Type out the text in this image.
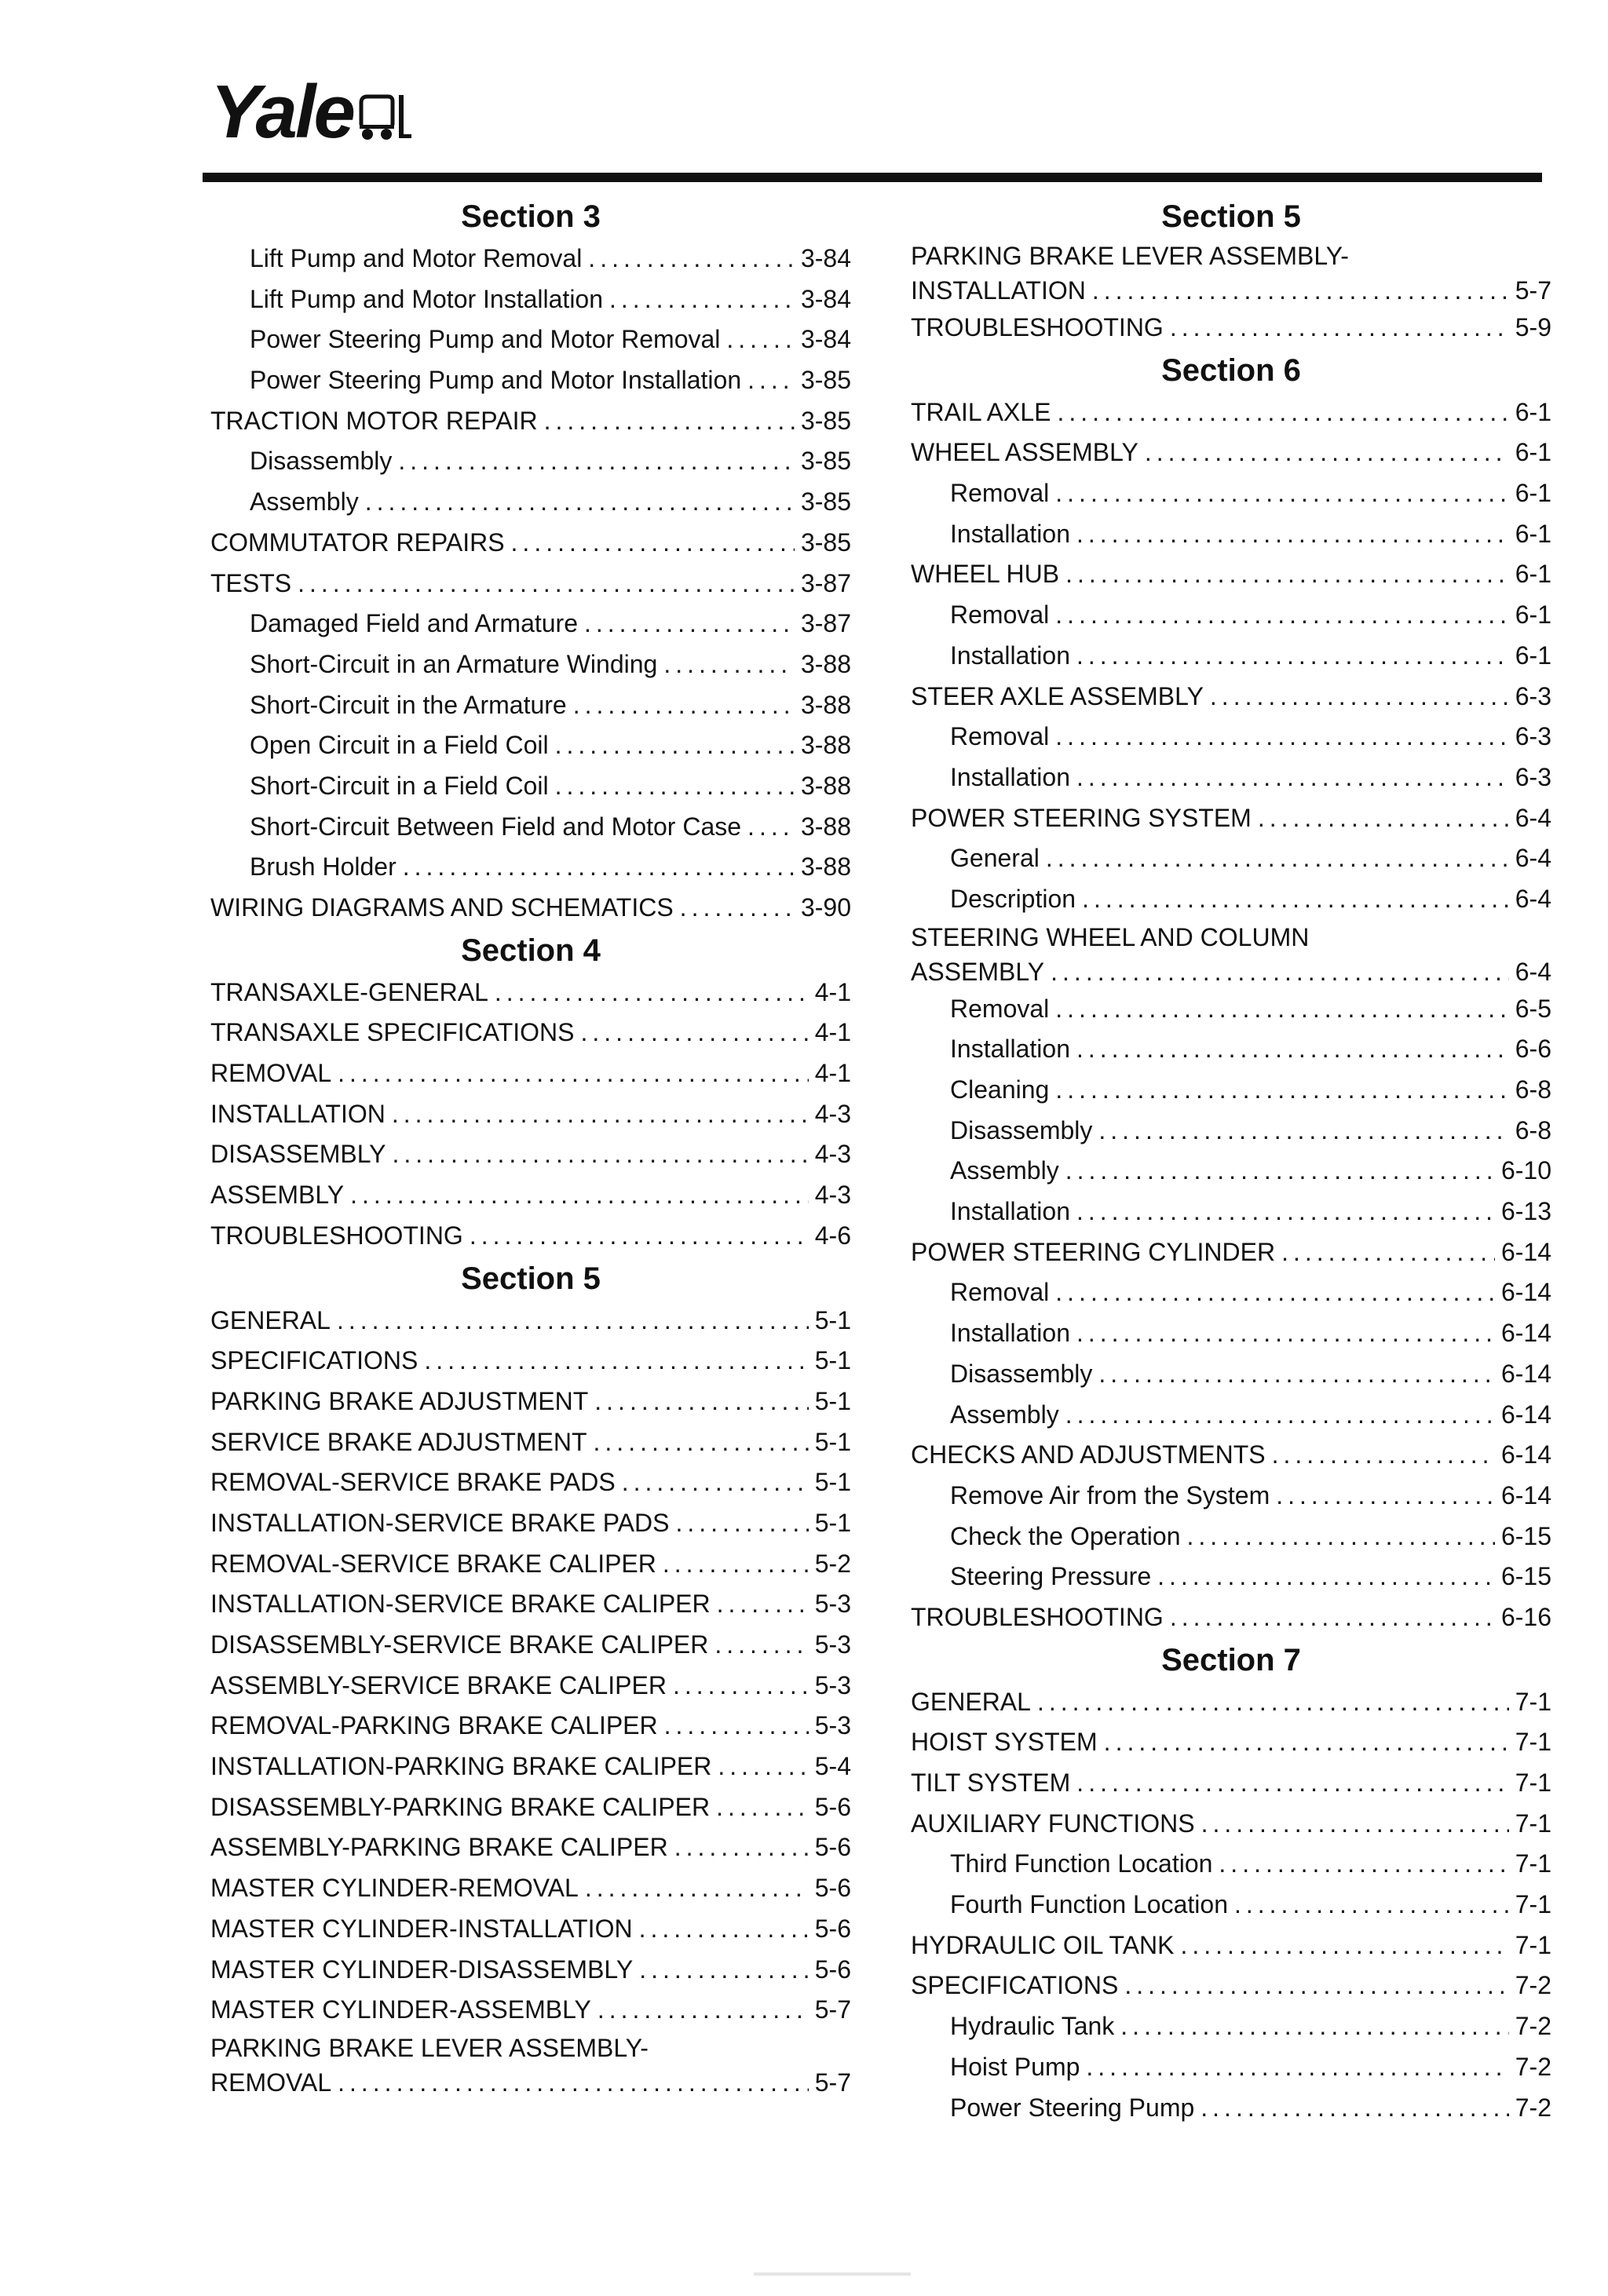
Yale
Section 3
Lift Pump and Motor Removal .....	3-84
Lift Pump and Motor Installation .....	3-84
Power Steering Pump and Motor Removal .....	3-84
Power Steering Pump and Motor Installation ..... 3-85
TRACTION MOTOR REPAIR .....	3-85
Disassembly .....	3-85
Assembly .....	3-85
COMMUTATOR REPAIRS .....	3-85
TESTS .....	3-87
Damaged Field and Armature .....	3-87
Short-Circuit in an Armature Winding .....	3-88
Short-Circuit in the Armature .....	3-88
Open Circuit in a Field Coil .....	3-88
Short-Circuit in a Field Coil .....	3-88
Short-Circuit Between Field and Motor Case ..... 3-88
Brush Holder .....	3-88
WIRING DIAGRAMS AND SCHEMATICS .....	3-90
Section 4
TRANSAXLE-GENERAL .....	4-1
TRANSAXLE SPECIFICATIONS .....	4-1
REMOVAL .....	4-1
INSTALLATION .....	4-3
DISASSEMBLY .....	4-3
ASSEMBLY .....	4-3
TROUBLESHOOTING .....	4-6
Section 5
GENERAL .....	5-1
SPECIFICATIONS .....	5-1
PARKING BRAKE ADJUSTMENT .....	5-1
SERVICE BRAKE ADJUSTMENT .....	5-1
REMOVAL-SERVICE BRAKE PADS .....	5-1
INSTALLATION-SERVICE BRAKE PADS .....	5-1
REMOVAL-SERVICE BRAKE CALIPER .....	5-2
INSTALLATION-SERVICE BRAKE CALIPER .....	5-3
DISASSEMBLY-SERVICE BRAKE CALIPER .....	5-3
ASSEMBLY-SERVICE BRAKE CALIPER .....	5-3
REMOVAL-PARKING BRAKE CALIPER .....	5-3
INSTALLATION-PARKING BRAKE CALIPER .....	5-4
DISASSEMBLY-PARKING BRAKE CALIPER .....	5-6
ASSEMBLY-PARKING BRAKE CALIPER .....	5-6
MASTER CYLINDER-REMOVAL .....	5-6
MASTER CYLINDER-INSTALLATION .....	5-6
MASTER CYLINDER-DISASSEMBLY .....	5-6
MASTER CYLINDER-ASSEMBLY .....	5-7
PARKING BRAKE LEVER ASSEMBLY-
REMOVAL .....	5-7
Section 5
PARKING BRAKE LEVER ASSEMBLY-
INSTALLATION .....	5-7
TROUBLESHOOTING .....	5-9
Section 6
TRAIL AXLE .....	6-1
WHEEL ASSEMBLY .....	6-1
Removal .....	6-1
Installation .....	6-1
WHEEL HUB .....	6-1
Removal .....	6-1
Installation .....	6-1
STEER AXLE ASSEMBLY .....	6-3
Removal .....	6-3
Installation .....	6-3
POWER STEERING SYSTEM .....	6-4
General .....	6-4
Description .....	6-4
STEERING WHEEL AND COLUMN
ASSEMBLY .....	6-4
Removal .....	6-5
Installation .....	6-6
Cleaning .....	6-8
Disassembly .....	6-8
Assembly .....	6-10
Installation .....	6-13
POWER STEERING CYLINDER .....	6-14
Removal .....	6-14
Installation .....	6-14
Disassembly .....	6-14
Assembly .....	6-14
CHECKS AND ADJUSTMENTS .....	6-14
Remove Air from the System .....	6-14
Check the Operation .....	6-15
Steering Pressure .....	6-15
TROUBLESHOOTING .....	6-16
Section 7
GENERAL .....	7-1
HOIST SYSTEM .....	7-1
TILT SYSTEM .....	7-1
AUXILIARY FUNCTIONS .....	7-1
Third Function Location .....	7-1
Fourth Function Location .....	7-1
HYDRAULIC OIL TANK .....	7-1
SPECIFICATIONS .....	7-2
Hydraulic Tank .....	7-2
Hoist Pump .....	7-2
Power Steering Pump .....	7-2
